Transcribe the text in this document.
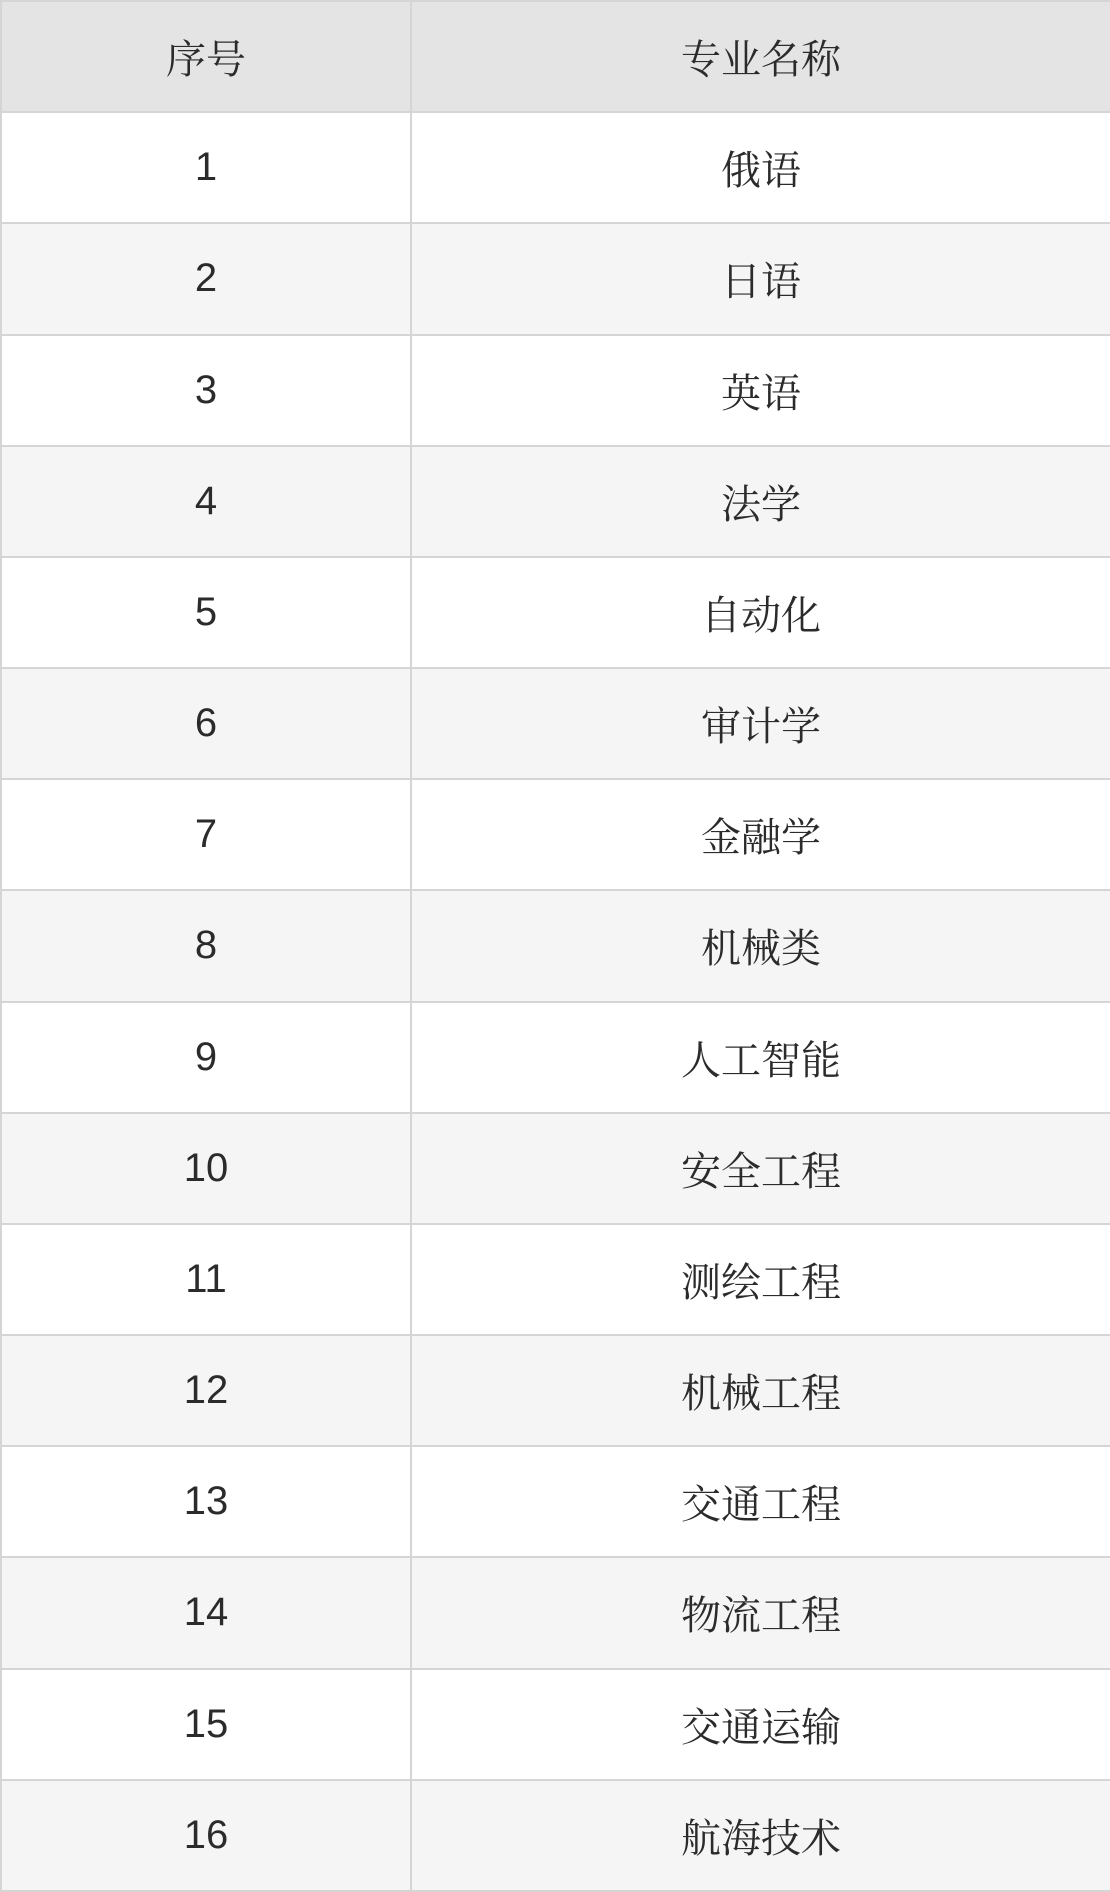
序号	专业名称
1	俄语
2	日语
3	英语
4	法学
5	自动化
6	审计学
7	金融学
8	机械类
9	人工智能
10	安全工程
11	测绘工程
12	机械工程
13	交通工程
14	物流工程
15	交通运输
16	航海技术
